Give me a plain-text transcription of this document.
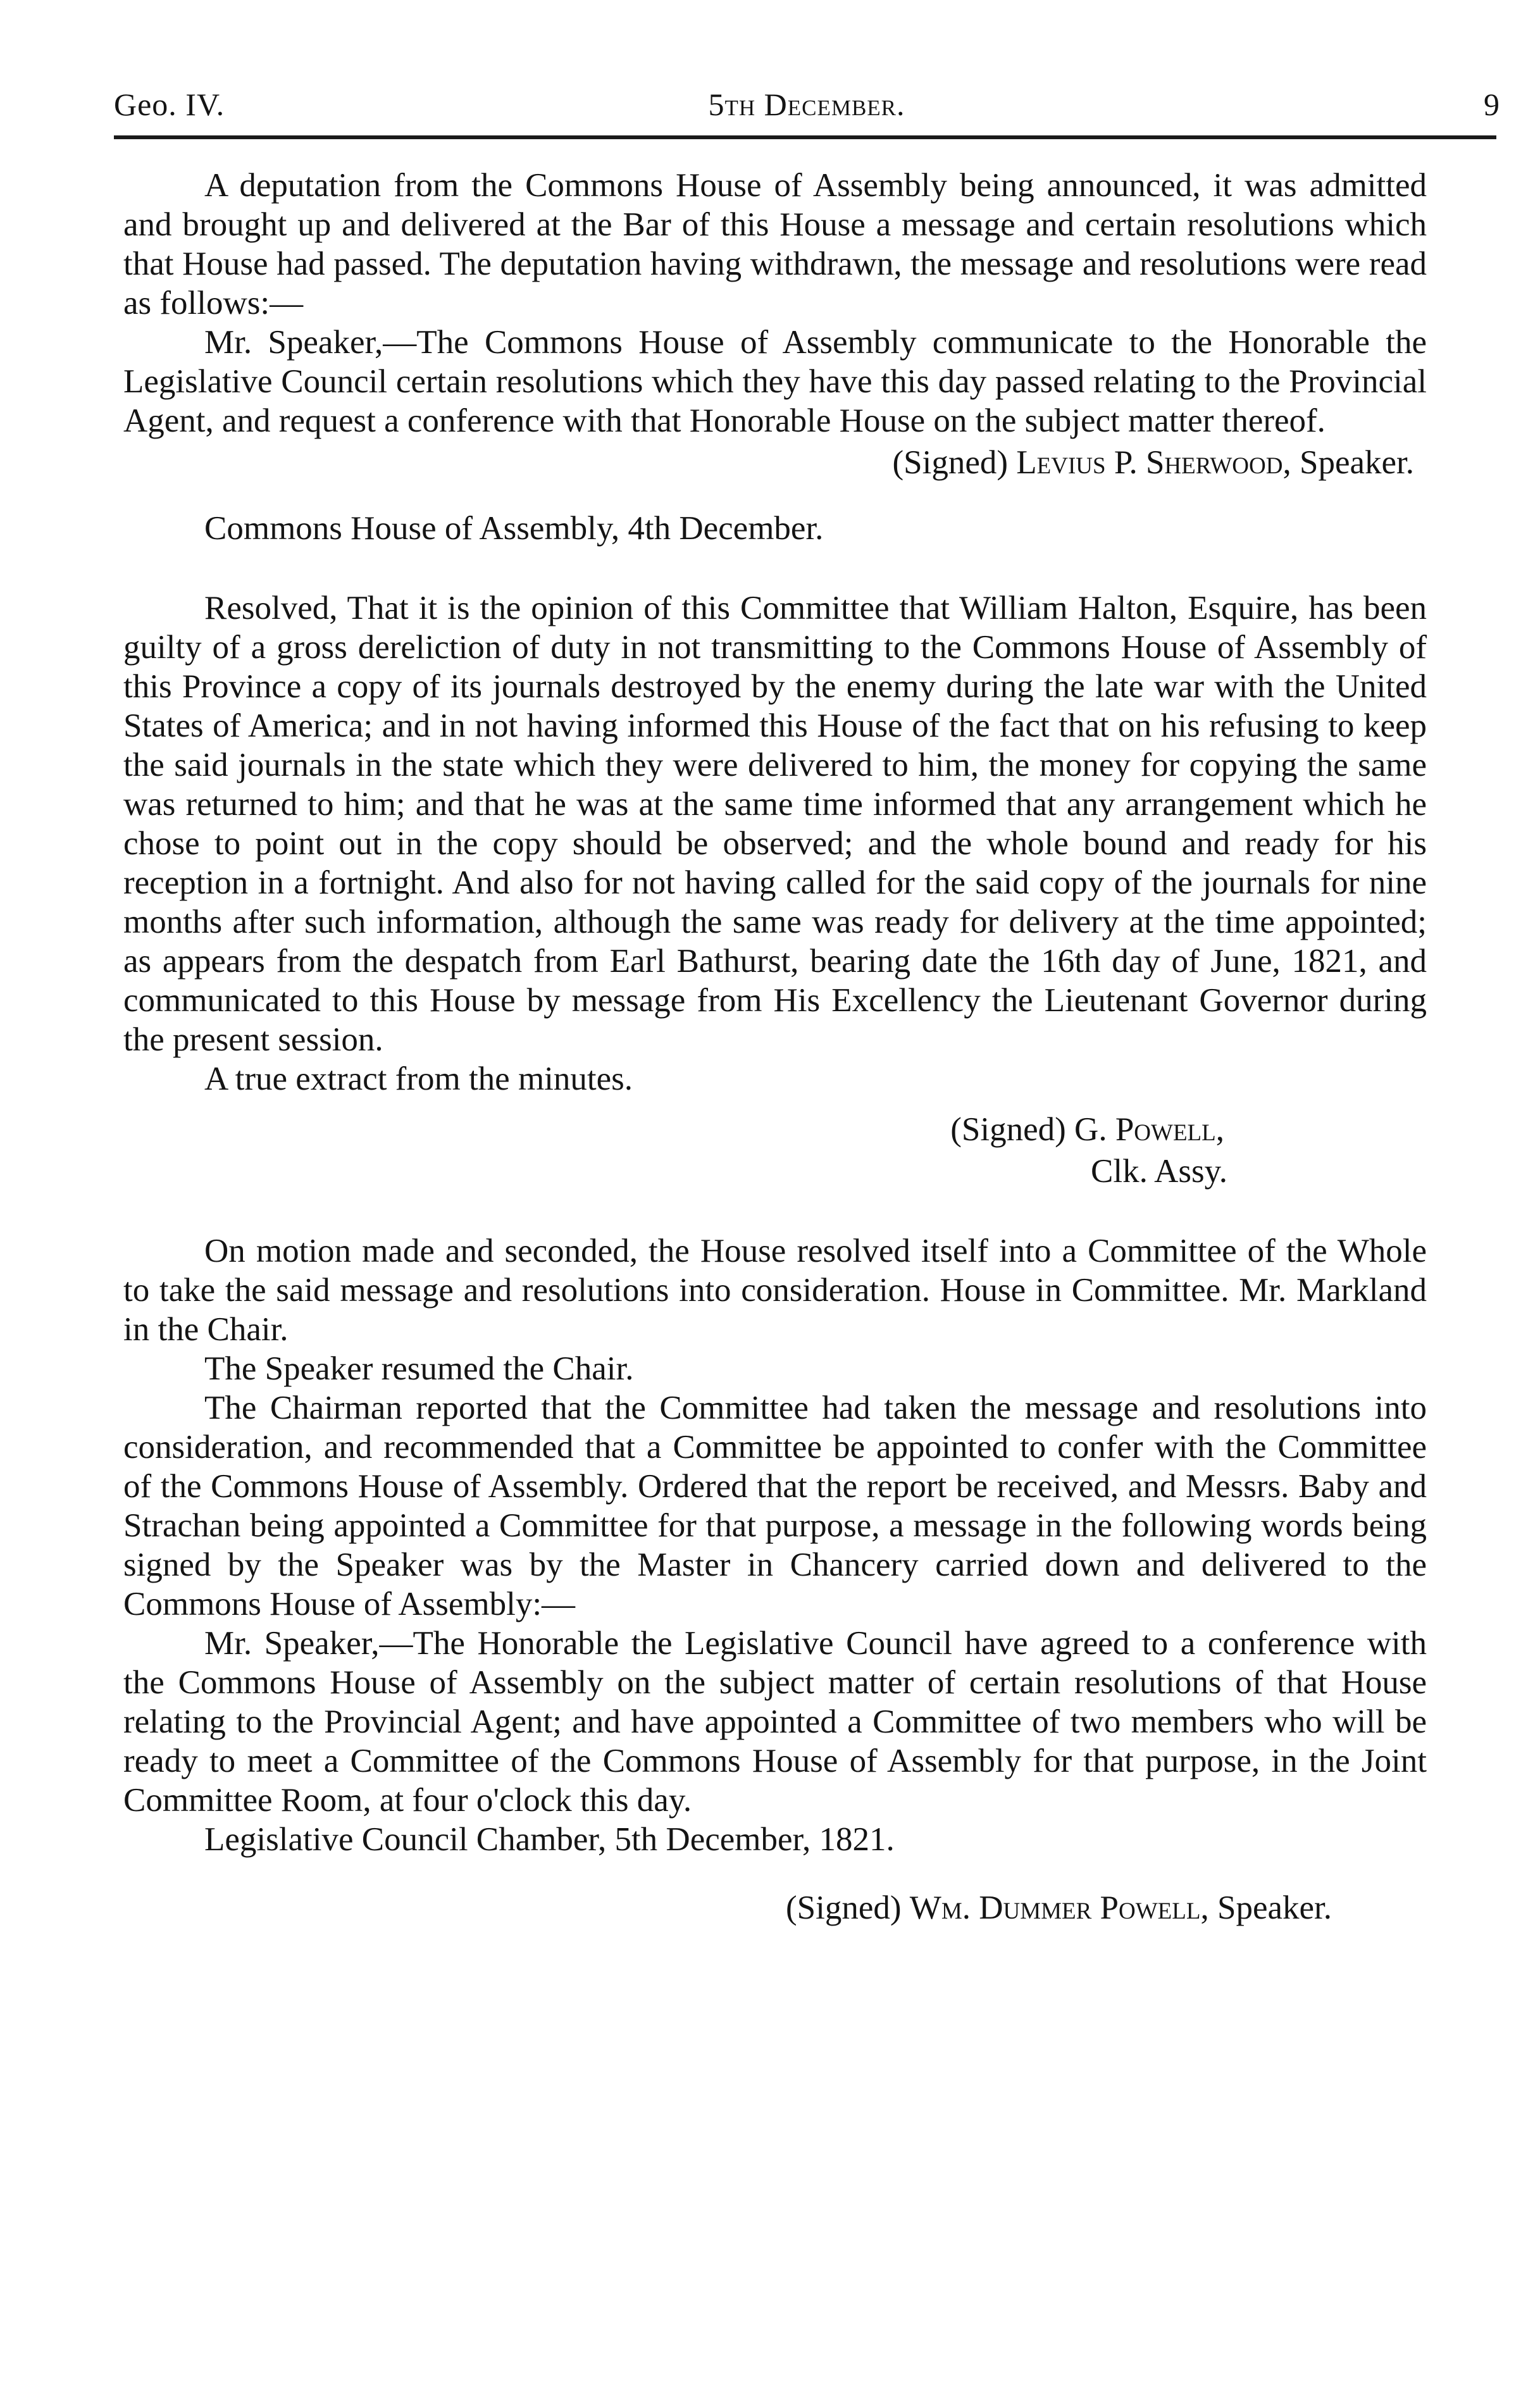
Geo. IV.	5th December.	9

A deputation from the Commons House of Assembly being announced, it was admitted and brought up and delivered at the Bar of this House a message and certain resolutions which that House had passed. The deputation having withdrawn, the message and resolutions were read as follows:—

Mr. Speaker,—The Commons House of Assembly communicate to the Honorable the Legislative Council certain resolutions which they have this day passed relating to the Provincial Agent, and request a conference with that Honorable House on the subject matter thereof.

(Signed) Levius P. Sherwood, Speaker.

Commons House of Assembly, 4th December.

Resolved, That it is the opinion of this Committee that William Halton, Esquire, has been guilty of a gross dereliction of duty in not transmitting to the Commons House of Assembly of this Province a copy of its journals destroyed by the enemy during the late war with the United States of America; and in not having informed this House of the fact that on his refusing to keep the said journals in the state which they were delivered to him, the money for copying the same was returned to him; and that he was at the same time informed that any arrangement which he chose to point out in the copy should be observed; and the whole bound and ready for his reception in a fortnight. And also for not having called for the said copy of the journals for nine months after such information, although the same was ready for delivery at the time appointed; as appears from the despatch from Earl Bathurst, bearing date the 16th day of June, 1821, and communicated to this House by message from His Excellency the Lieutenant Governor during the present session.

A true extract from the minutes.

(Signed) G. Powell,
Clk. Assy.

On motion made and seconded, the House resolved itself into a Committee of the Whole to take the said message and resolutions into consideration. House in Committee. Mr. Markland in the Chair.

The Speaker resumed the Chair.

The Chairman reported that the Committee had taken the message and resolutions into consideration, and recommended that a Committee be appointed to confer with the Committee of the Commons House of Assembly. Ordered that the report be received, and Messrs. Baby and Strachan being appointed a Committee for that purpose, a message in the following words being signed by the Speaker was by the Master in Chancery carried down and delivered to the Commons House of Assembly:—

Mr. Speaker,—The Honorable the Legislative Council have agreed to a conference with the Commons House of Assembly on the subject matter of certain resolutions of that House relating to the Provincial Agent; and have appointed a Committee of two members who will be ready to meet a Committee of the Commons House of Assembly for that purpose, in the Joint Committee Room, at four o'clock this day.

Legislative Council Chamber, 5th December, 1821.

(Signed) Wm. Dummer Powell, Speaker.
